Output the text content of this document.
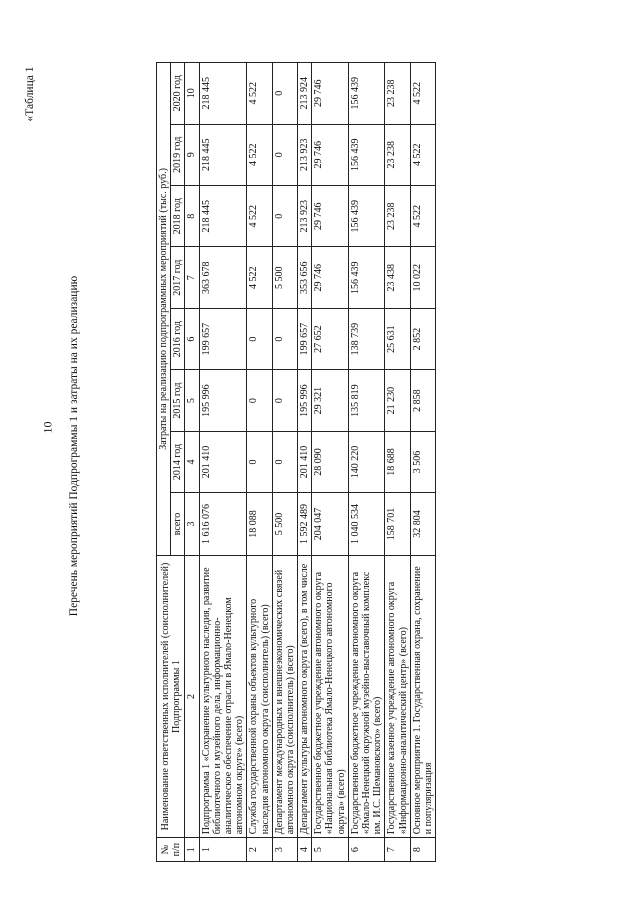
10 Перечень мероприятий Подпрограммы 1 и затраты на их реализацию
«Таблица 1
№ п/п	Наименование ответственных исполнителей (соисполнителей) Подпрограммы 1	Затраты на реализацию подпрограммных мероприятий (тыс. руб.)							
		всего	2014 год	2015 год	2016 год	2017 год	2018 год	2019 год	2020 год
1	2	3	4	5	6	7	8	9	10
1	Подпрограмма 1 «Сохранение культурного наследия, развитие библиотечного и музейного дела, информационно-аналитическое обеспечение отрасли в Ямало-Ненецком автономном округе» (всего)	1 616 076	201 410	195 996	199 657	363 678	218 445	218 445	218 445
2	Служба государственной охраны объектов культурного наследия автономного округа (соисполнитель) (всего)	18 088	0	0	0	4 522	4 522	4 522	4 522
3	Департамент международных и внешнеэкономических связей автономного округа (соисполнитель) (всего)	5 500	0	0	0	5 500	0	0	0
4	Департамент культуры автономного округа (всего), в том числе	1 592 489	201 410	195 996	199 657	353 656	213 923	213 923	213 924
5	Государственное бюджетное учреждение автономного округа «Национальная библиотека Ямало-Ненецкого автономного округа» (всего)	204 047	28 090	29 321	27 652	29 746	29 746	29 746	29 746
6	Государственное бюджетное учреждение автономного округа «Ямало-Ненецкий окружной музейно-выставочный комплекс им. И.С. Шемановского» (всего)	1 040 534	140 220	135 819	138 739	156 439	156 439	156 439	156 439
7	Государственное казенное учреждение автономного округа «Информационно-аналитический центр» (всего)	158 701	18 688	21 230	25 631	23 438	23 238	23 238	23 238
8	Основное мероприятие 1. Государственная охрана, сохранение и популяризация	32 804	3 506	2 858	2 852	10 022	4 522	4 522	4 522
